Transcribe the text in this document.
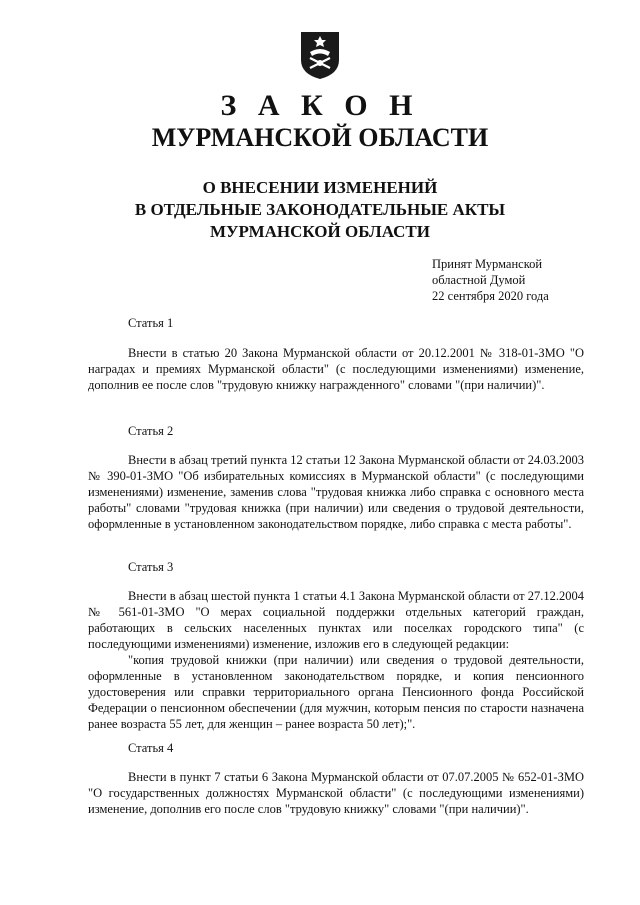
З А К О Н
МУРМАНСКОЙ ОБЛАСТИ
О ВНЕСЕНИИ ИЗМЕНЕНИЙ
В ОТДЕЛЬНЫЕ ЗАКОНОДАТЕЛЬНЫЕ АКТЫ
МУРМАНСКОЙ ОБЛАСТИ
Принят Мурманской
областной Думой
22 сентября 2020 года
Статья 1
Внести в статью 20 Закона Мурманской области от 20.12.2001 № 318-01-ЗМО "О наградах и премиях Мурманской области" (с последующими изменениями) изменение, дополнив ее после слов "трудовую книжку награжденного" словами "(при наличии)".
Статья 2
Внести в абзац третий пункта 12 статьи 12 Закона Мурманской области от 24.03.2003 № 390-01-ЗМО "Об избирательных комиссиях в Мурманской области" (с последующими изменениями) изменение, заменив слова "трудовая книжка либо справка с основного места работы" словами "трудовая книжка (при наличии) или сведения о трудовой деятельности, оформленные в установленном законодательством порядке, либо справка с места работы".
Статья 3
Внести в абзац шестой пункта 1 статьи 4.1 Закона Мурманской области от 27.12.2004 № 561-01-ЗМО "О мерах социальной поддержки отдельных категорий граждан, работающих в сельских населенных пунктах или поселках городского типа" (с последующими изменениями) изменение, изложив его в следующей редакции:
"копия трудовой книжки (при наличии) или сведения о трудовой деятельности, оформленные в установленном законодательством порядке, и копия пенсионного удостоверения или справки территориального органа Пенсионного фонда Российской Федерации о пенсионном обеспечении (для мужчин, которым пенсия по старости назначена ранее возраста 55 лет, для женщин – ранее возраста 50 лет);".
Статья 4
Внести в пункт 7 статьи 6 Закона Мурманской области от 07.07.2005 № 652-01-ЗМО "О государственных должностях Мурманской области" (с последующими изменениями) изменение, дополнив его после слов "трудовую книжку" словами "(при наличии)".
